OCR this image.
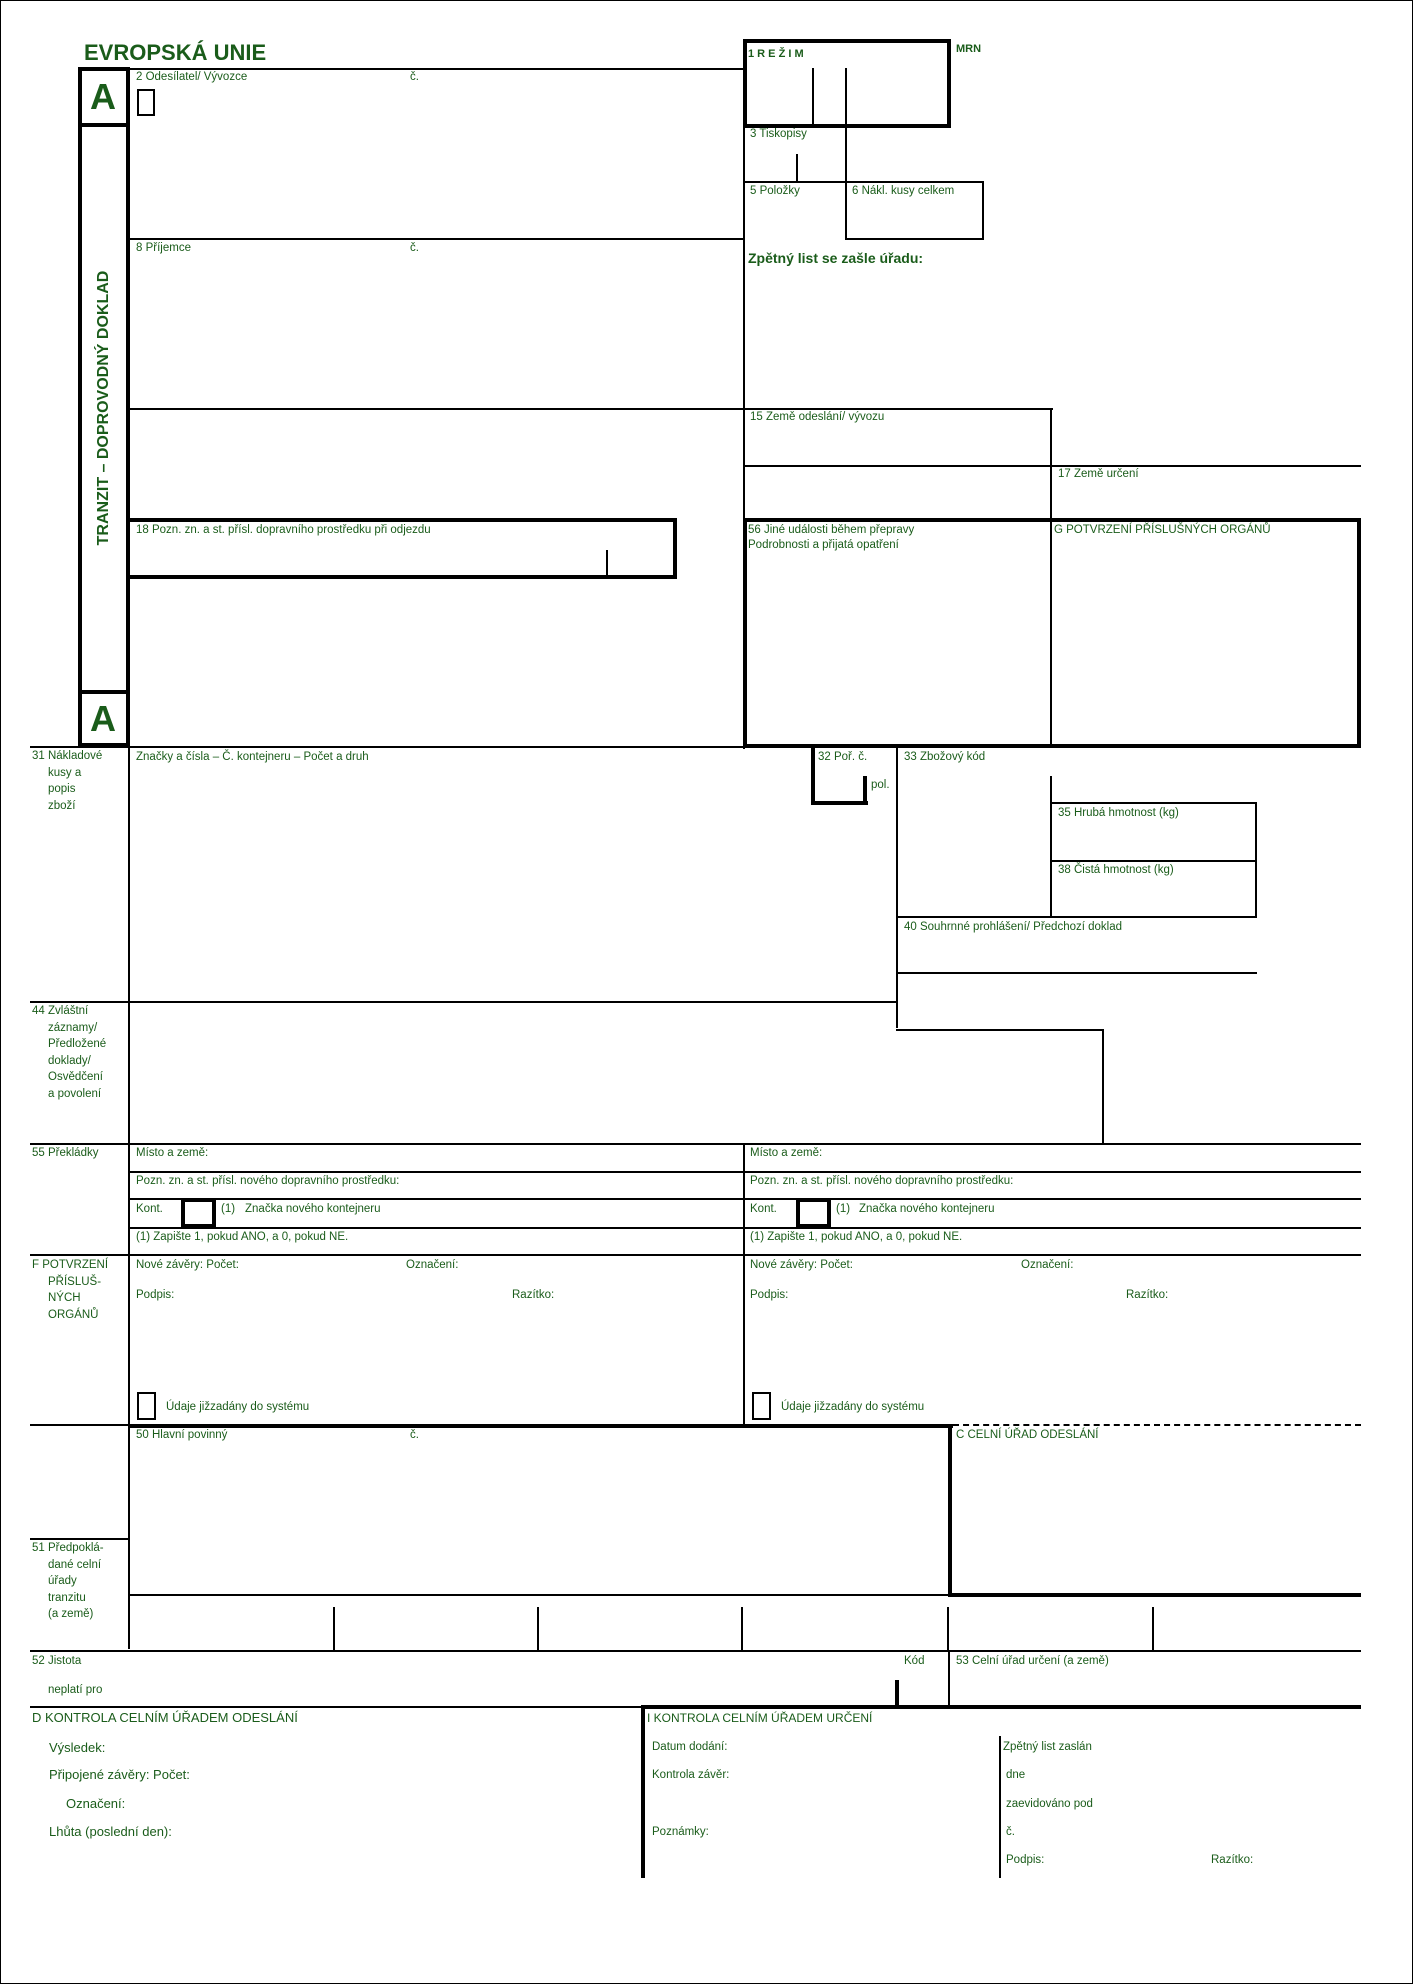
EVROPSKÁ UNIE	MRN
A
A
TRANZIT – DOPROVODNÝ DOKLAD
1 R E Ž I M
2 Odesílatel/ Vývozce	č.
3 Tiskopisy
5 Položky	6 Nákl. kusy celkem
8 Příjemce	č.
Zpětný list se zašle úřadu:
15 Země odeslání/ vývozu
17 Země určení
18 Pozn. zn. a st. přísl. dopravního prostředku při odjezdu	56 Jiné události během přepravy
Podrobnosti a přijatá opatření
G POTVRZENÍ PŘÍSLUŠNÝCH ORGÁNŮ
31 Nákladové
kusy a
popis
zboží
Značky a čísla – Č. kontejneru – Počet a druh	32 Poř. č.
pol.
33 Zbožový kód
35 Hrubá hmotnost (kg)
38 Čistá hmotnost (kg)
40 Souhrnné prohlášení/ Předchozí doklad
44 Zvláštní
záznamy/
Předložené
doklady/
Osvědčení
a povolení
55 Překládky	Místo a země:	Místo a země:
Pozn. zn. a st. přísl. nového dopravního prostředku:	Pozn. zn. a st. přísl. nového dopravního prostředku:
Kont.	(1) Značka nového kontejneru	Kont.	(1) Značka nového kontejneru
(1) Zapište 1, pokud ANO, a 0, pokud NE.	(1) Zapište 1, pokud ANO, a 0, pokud NE.
F POTVRZENÍ
PŘÍSLUŠ-
NÝCH
ORGÁNŮ
Nové závěry: Počet:	Označení:	Nové závěry: Počet:	Označení:
Podpis:	Razítko:	Podpis:	Razítko:
Údaje jižzadány do systému	Údaje jižzadány do systému
50 Hlavní povinný	č.	C CELNÍ ÚŘAD ODESLÁNÍ
51 Předpoklá-
dané celní
úřady
tranzitu
(a země)
52 Jistota
neplatí pro
Kód	53 Celní úřad určení (a země)
D KONTROLA CELNÍM ÚŘADEM ODESLÁNÍ
Výsledek:
Připojené závěry: Počet:
Označení:
Lhůta (poslední den):
I KONTROLA CELNÍM ÚŘADEM URČENÍ
Datum dodání:
Kontrola závěr:
Poznámky:
Zpětný list zaslán
dne
zaevidováno pod
č.
Podpis:	Razítko:
